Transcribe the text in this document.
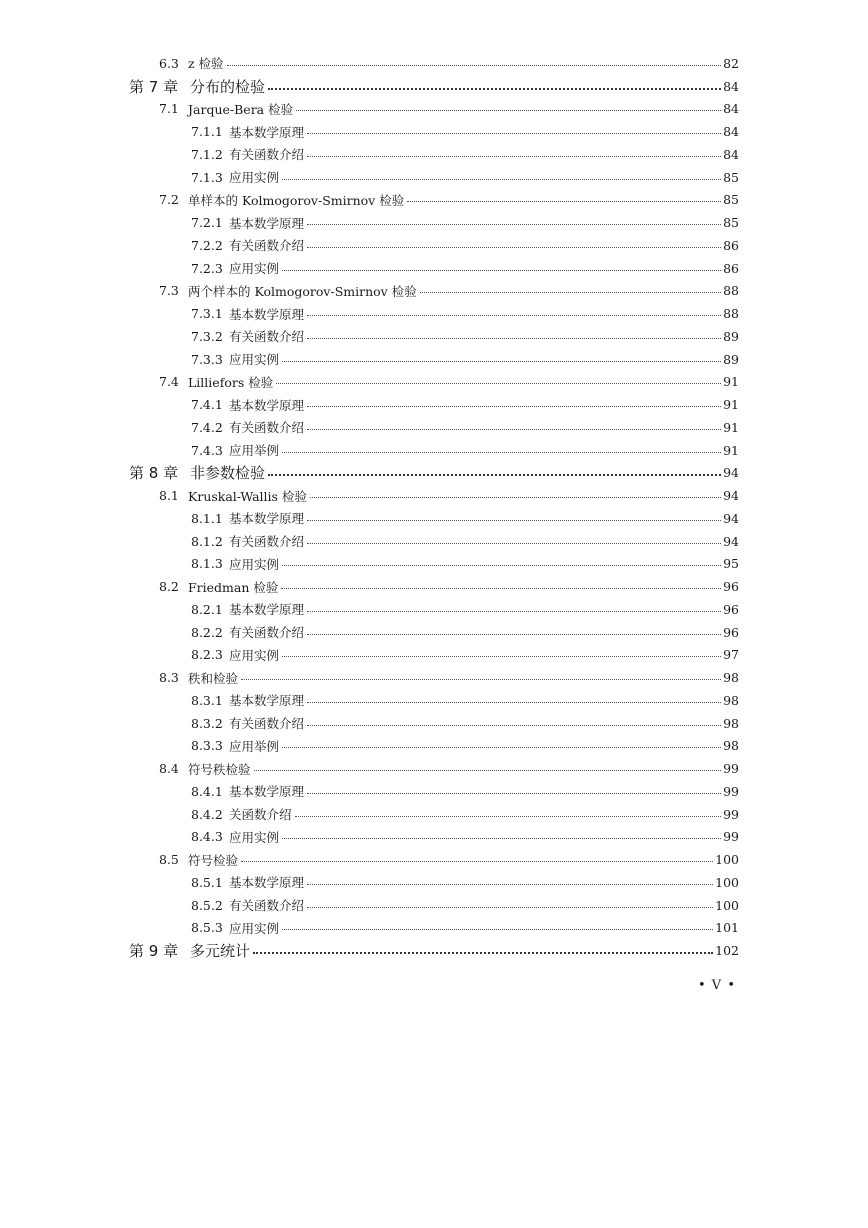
6.3 z 检验	82
第 7 章 分布的检验	84
7.1 Jarque-Bera 检验	84
7.1.1 基本数学原理	84
7.1.2 有关函数介绍	84
7.1.3 应用实例	85
7.2 单样本的 Kolmogorov-Smirnov 检验	85
7.2.1 基本数学原理	85
7.2.2 有关函数介绍	86
7.2.3 应用实例	86
7.3 两个样本的 Kolmogorov-Smirnov 检验	88
7.3.1 基本数学原理	88
7.3.2 有关函数介绍	89
7.3.3 应用实例	89
7.4 Lilliefors 检验	91
7.4.1 基本数学原理	91
7.4.2 有关函数介绍	91
7.4.3 应用举例	91
第 8 章 非参数检验	94
8.1 Kruskal-Wallis 检验	94
8.1.1 基本数学原理	94
8.1.2 有关函数介绍	94
8.1.3 应用实例	95
8.2 Friedman 检验	96
8.2.1 基本数学原理	96
8.2.2 有关函数介绍	96
8.2.3 应用实例	97
8.3 秩和检验	98
8.3.1 基本数学原理	98
8.3.2 有关函数介绍	98
8.3.3 应用举例	98
8.4 符号秩检验	99
8.4.1 基本数学原理	99
8.4.2 关函数介绍	99
8.4.3 应用实例	99
8.5 符号检验	100
8.5.1 基本数学原理	100
8.5.2 有关函数介绍	100
8.5.3 应用实例	101
第 9 章 多元统计	102
• V •
